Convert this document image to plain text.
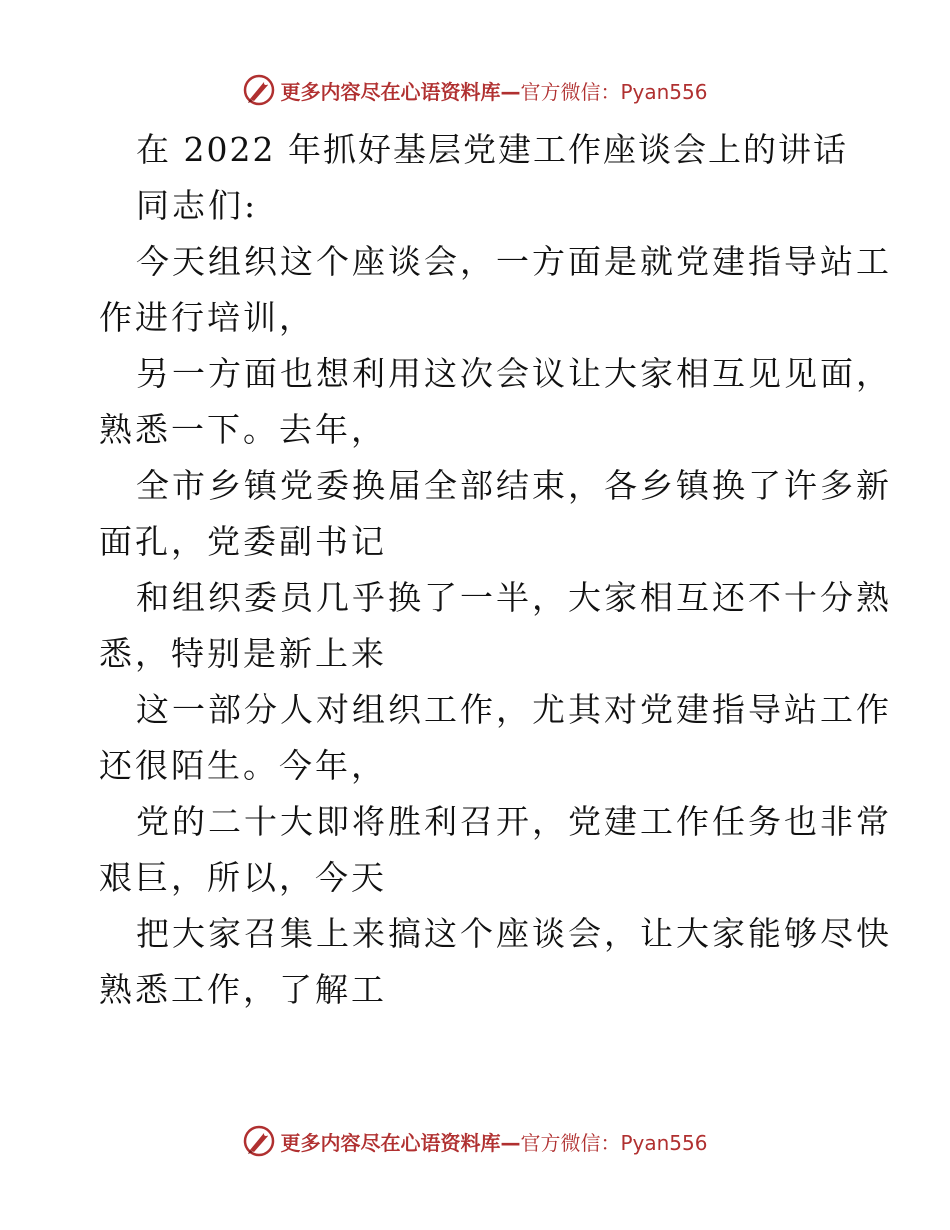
更多内容尽在心语资料库—官方微信：Pyan556
在 2022 年抓好基层党建工作座谈会上的讲话
同志们:
今天组织这个座谈会，一方面是就党建指导站工
作进行培训，
另一方面也想利用这次会议让大家相互见见面，
熟悉一下。去年，
全市乡镇党委换届全部结束，各乡镇换了许多新
面孔，党委副书记
和组织委员几乎换了一半，大家相互还不十分熟
悉，特别是新上来
这一部分人对组织工作，尤其对党建指导站工作
还很陌生。今年，
党的二十大即将胜利召开，党建工作任务也非常
艰巨，所以，今天
把大家召集上来搞这个座谈会，让大家能够尽快
熟悉工作，了解工
更多内容尽在心语资料库—官方微信：Pyan556
